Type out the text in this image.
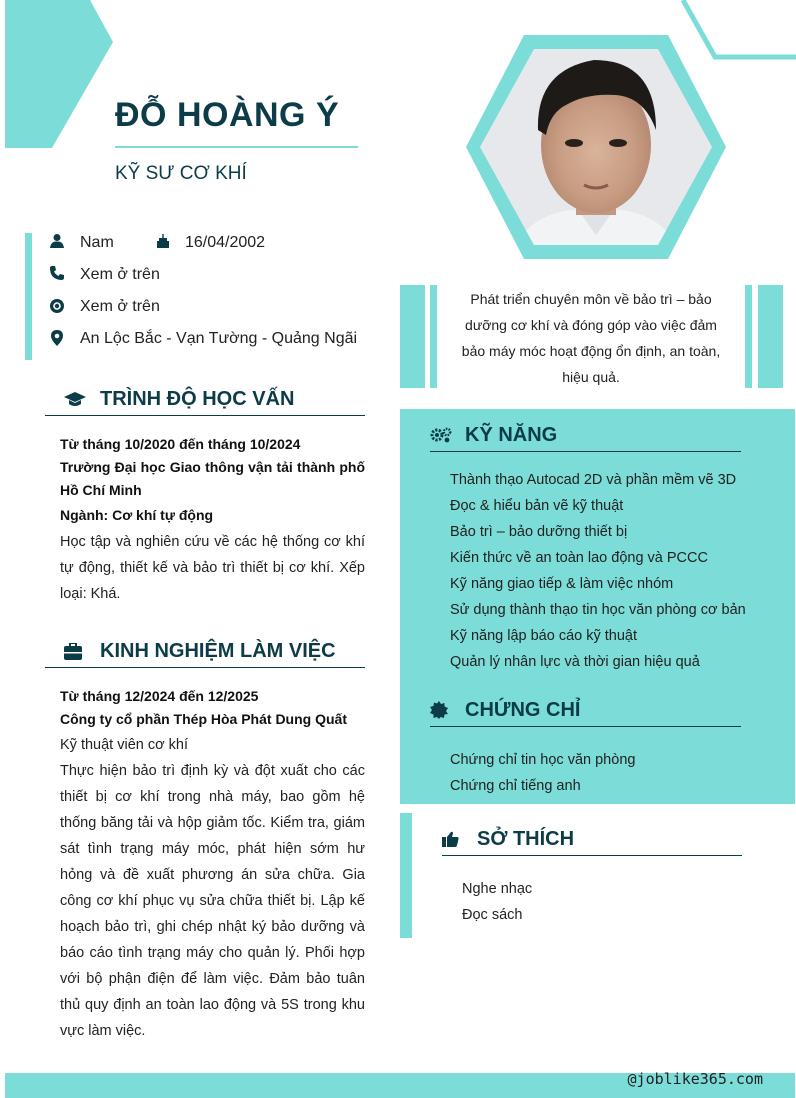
ĐỖ HOÀNG Ý
KỸ SƯ CƠ KHÍ
Nam	16/04/2002
Xem ở trên
Xem ở trên
An Lộc Bắc - Vạn Tường - Quảng Ngãi
Phát triển chuyên môn về bảo trì – bảo dưỡng cơ khí và đóng góp vào việc đảm bảo máy móc hoạt động ổn định, an toàn, hiệu quả.
TRÌNH ĐỘ HỌC VẤN
Từ tháng 10/2020 đến tháng 10/2024
Trường Đại học Giao thông vận tải thành phố Hồ Chí Minh
Ngành: Cơ khí tự động
Học tập và nghiên cứu về các hệ thống cơ khí tự động, thiết kế và bảo trì thiết bị cơ khí. Xếp loại: Khá.
KINH NGHIỆM LÀM VIỆC
Từ tháng 12/2024 đến 12/2025
Công ty cổ phần Thép Hòa Phát Dung Quất
Kỹ thuật viên cơ khí
Thực hiện bảo trì định kỳ và đột xuất cho các thiết bị cơ khí trong nhà máy, bao gồm hệ thống băng tải và hộp giảm tốc. Kiểm tra, giám sát tình trạng máy móc, phát hiện sớm hư hỏng và đề xuất phương án sửa chữa. Gia công cơ khí phục vụ sửa chữa thiết bị. Lập kế hoạch bảo trì, ghi chép nhật ký bảo dưỡng và báo cáo tình trạng máy cho quản lý. Phối hợp với bộ phận điện để làm việc. Đảm bảo tuân thủ quy định an toàn lao động và 5S trong khu vực làm việc.
KỸ NĂNG
Thành thạo Autocad 2D và phần mềm vẽ 3D
Đọc & hiểu bản vẽ kỹ thuật
Bảo trì – bảo dưỡng thiết bị
Kiến thức về an toàn lao động và PCCC
Kỹ năng giao tiếp & làm việc nhóm
Sử dụng thành thạo tin học văn phòng cơ bản
Kỹ năng lập báo cáo kỹ thuật
Quản lý nhân lực và thời gian hiệu quả
CHỨNG CHỈ
Chứng chỉ tin học văn phòng
Chứng chỉ tiếng anh
SỞ THÍCH
Nghe nhạc
Đọc sách
@joblike365.com
